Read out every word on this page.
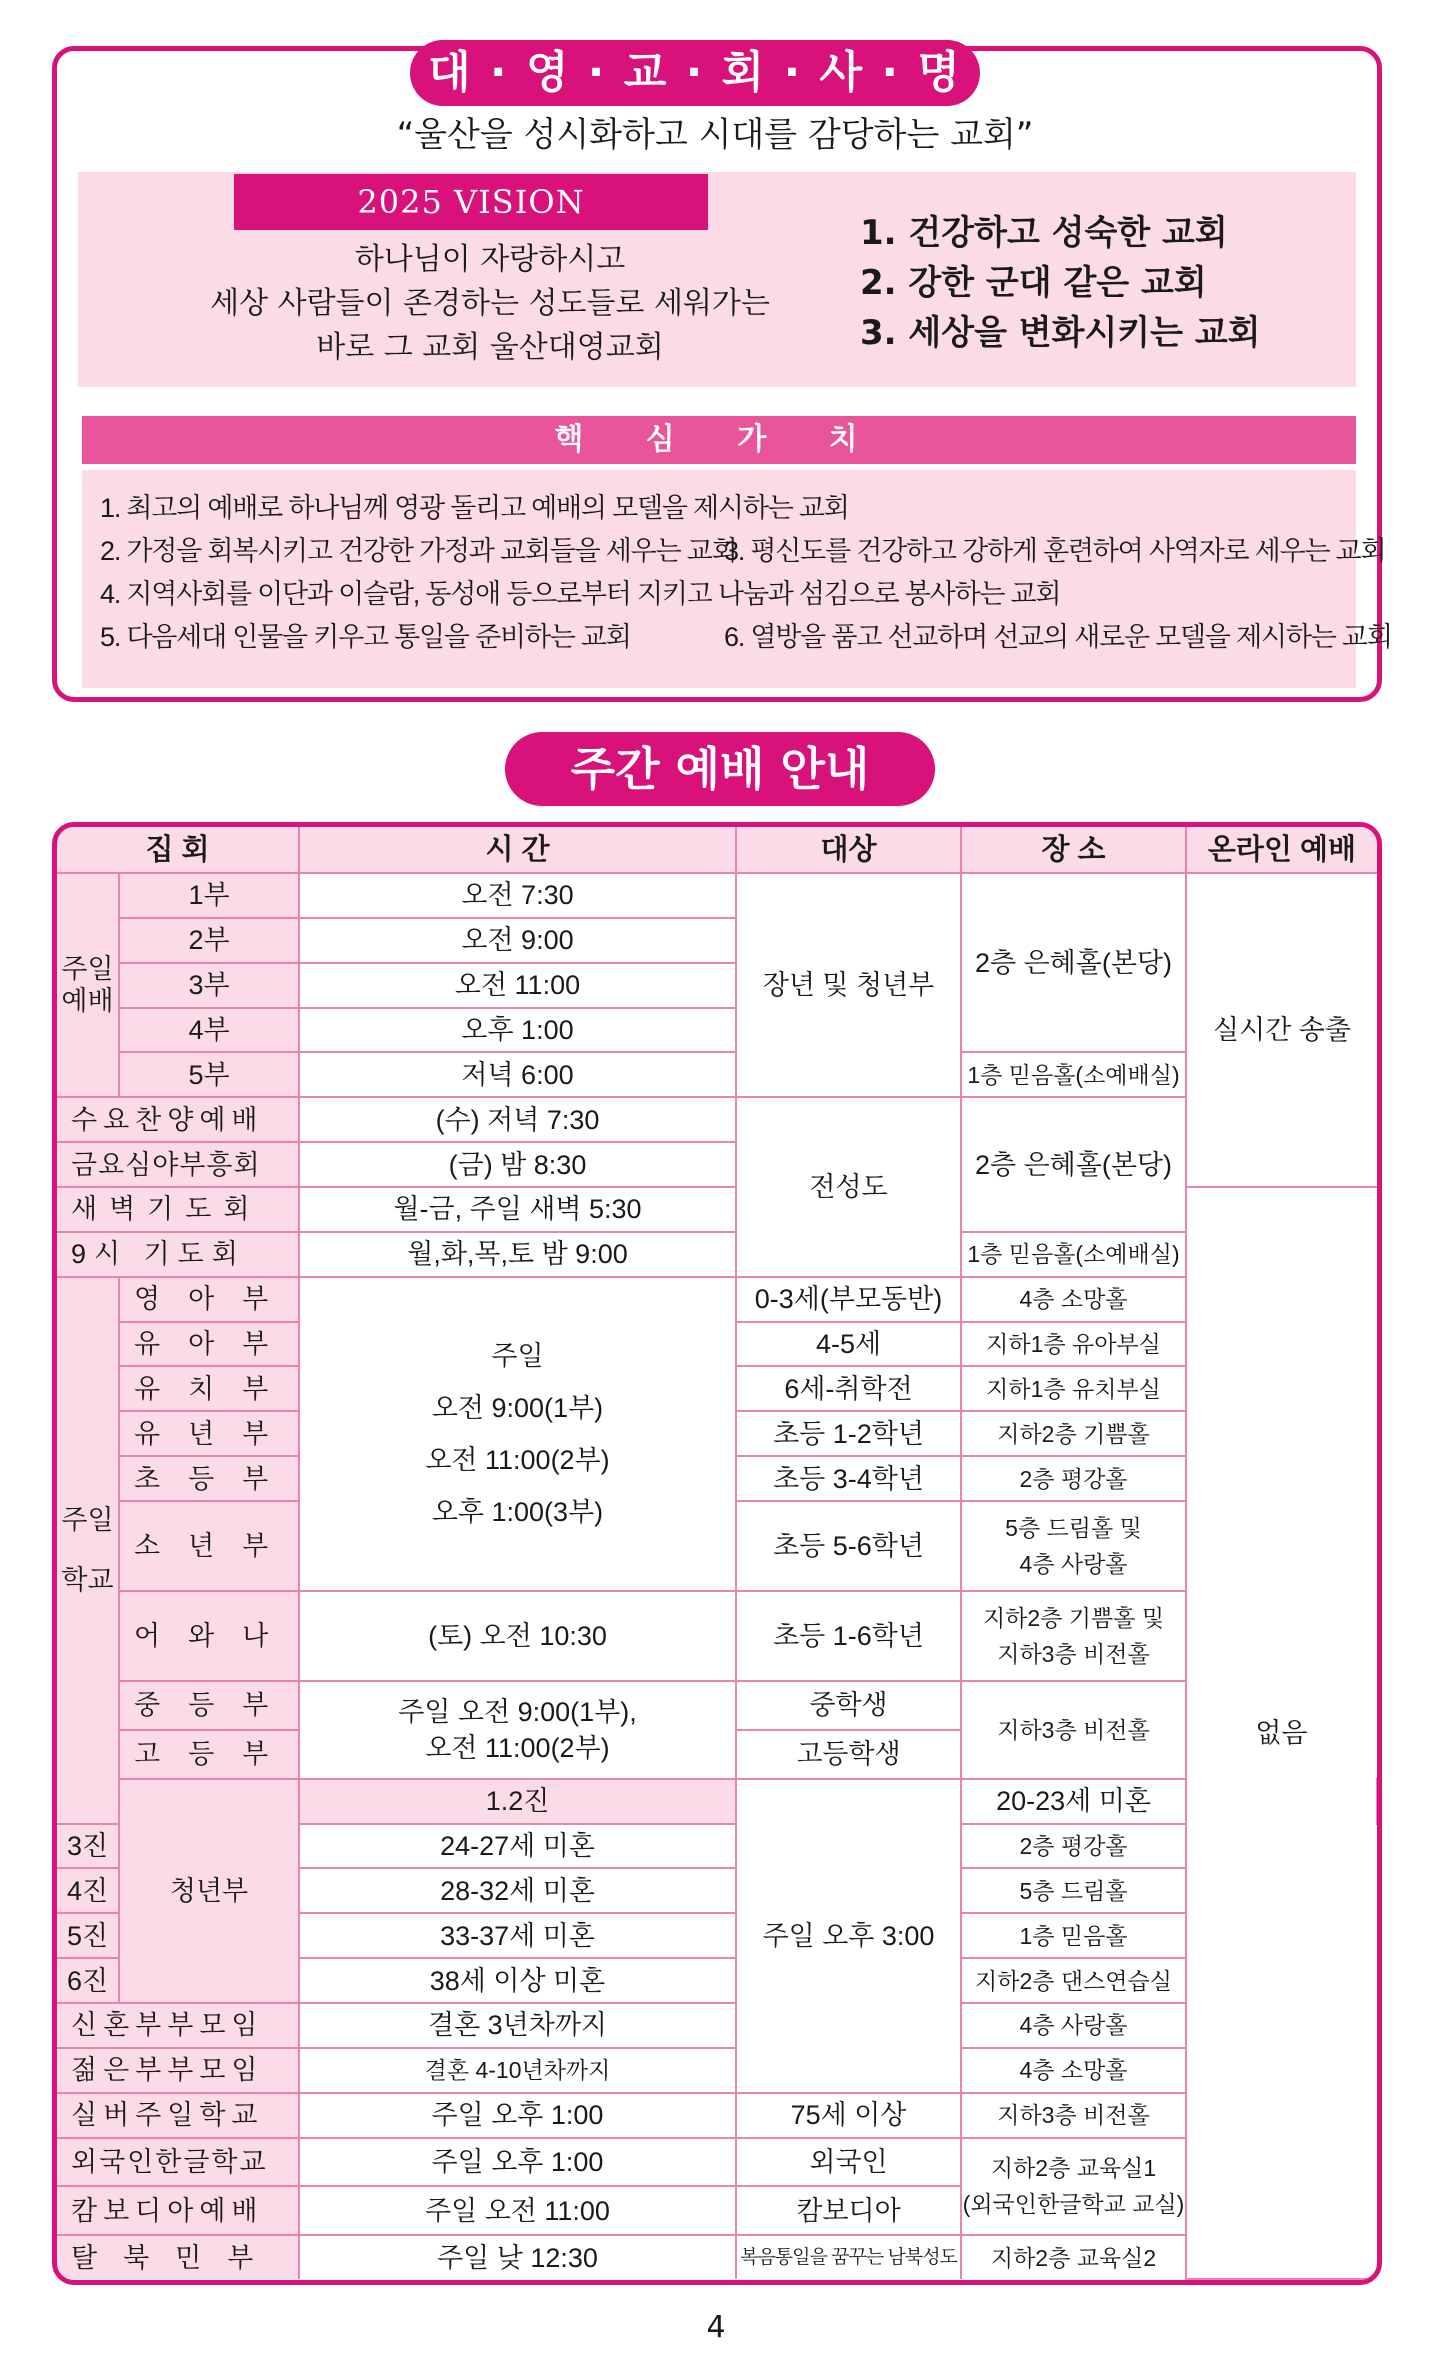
대 · 영 · 교 · 회 · 사 · 명
“울산을 성시화하고 시대를 감당하는 교회”
2025 VISION
하나님이 자랑하시고
세상 사람들이 존경하는 성도들로 세워가는
바로 그 교회 울산대영교회
1. 건강하고 성숙한 교회
2. 강한 군대 같은 교회
3. 세상을 변화시키는 교회
핵 심 가 치
1. 최고의 예배로 하나님께 영광 돌리고 예배의 모델을 제시하는 교회
2. 가정을 회복시키고 건강한 가정과 교회들을 세우는 교회
3. 평신도를 건강하고 강하게 훈련하여 사역자로 세우는 교회
4. 지역사회를 이단과 이슬람, 동성애 등으로부터 지키고 나눔과 섬김으로 봉사하는 교회
5. 다음세대 인물을 키우고 통일을 준비하는 교회	6. 열방을 품고 선교하며 선교의 새로운 모델을 제시하는 교회
주간 예배 안내
집 회		시 간	대상	장 소	온라인 예배	
주일예배	1부	오전 7:30	장년 및 청년부	2층 은혜홀(본당)	실시간 송출	
	2부	오전 9:00				
	3부	오전 11:00				
	4부	오후 1:00				
	5부	저녁 6:00		1층 믿음홀(소예배실)		
수요찬양예배		(수) 저녁 7:30	전성도	2층 은혜홀(본당)		
금요심야부흥회		(금) 밤 8:30				
새벽기도회		월-금, 주일 새벽 5:30			없음	
9시 기도회		월,화,목,토 밤 9:00		1층 믿음홀(소예배실)		
주일학교	영아부	주일
오전 9:00(1부)
오전 11:00(2부)
오후 1:00(3부)	0-3세(부모동반)	4층 소망홀		
	유아부		4-5세	지하1층 유아부실		
	유치부		6세-취학전	지하1층 유치부실		
	유년부		초등 1-2학년	지하2층 기쁨홀		
	초등부		초등 3-4학년	2층 평강홀		
	소년부		초등 5-6학년	5층 드림홀 및
4층 사랑홀		

	어와나	(토) 오전 10:30	초등 1-6학년	지하2층 기쁨홀 및
지하3층 비전홀		

	중등부	주일 오전 9:00(1부),
오전 11:00(2부)	중학생	지하3층 비전홀		
	고등부		고등학생			
	청년부	1.2진	주일 오후 3:00	20-23세 미혼	
3진		24-27세 미혼		2층 평강홀		
4진		28-32세 미혼		5층 드림홀		
5진		33-37세 미혼		1층 믿음홀		
6진		38세 이상 미혼		지하2층 댄스연습실		
신혼부부모임		결혼 3년차까지		4층 사랑홀		
젊은부부모임		결혼 4-10년차까지		4층 소망홀		
실버주일학교		주일 오후 1:00	75세 이상	지하3층 비전홀		
외국인한글학교		주일 오후 1:00	외국인	지하2층 교육실1
(외국인한글학교 교실)		

캄보디아예배		주일 오전 11:00	캄보디아			
탈북민부		주일 낮 12:30	복음통일을 꿈꾸는 남북성도	지하2층 교육실2		
4
